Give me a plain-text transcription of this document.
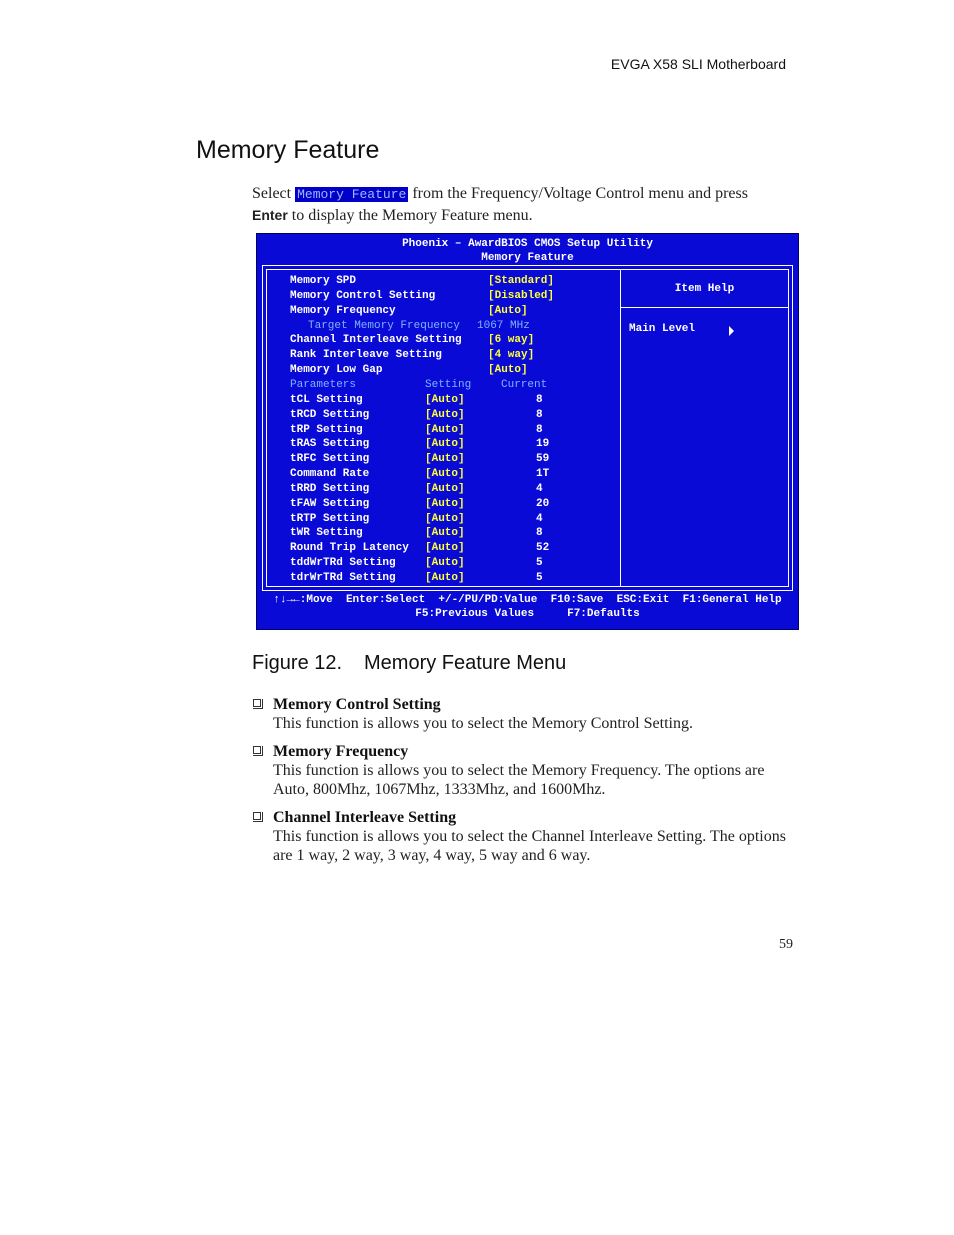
EVGA X58 SLI Motherboard
Memory Feature
Select Memory Feature from the Frequency/Voltage Control menu and press
Enter to display the Memory Feature menu.
Phoenix – AwardBIOS CMOS Setup Utility
Memory Feature
Item Help
Main Level
Memory SPD	[Standard]
Memory Control Setting	[Disabled]
Memory Frequency	[Auto]
Target Memory Frequency 1067 MHz
Channel Interleave Setting [6 way]
Rank Interleave Setting	[4 way]
Memory Low Gap	[Auto]
Parameters	Setting	Current
tCL Setting	[Auto]	8
tRCD Setting	[Auto]	8
tRP Setting	[Auto]	8
tRAS Setting	[Auto]	19
tRFC Setting	[Auto]	59
Command Rate	[Auto]	1T
tRRD Setting	[Auto]	4
tFAW Setting	[Auto]	20
tRTP Setting	[Auto]	4
tWR Setting	[Auto]	8
Round Trip Latency [Auto]	52
tddWrTRd Setting	[Auto]	5
tdrWrTRd Setting	[Auto]	5
↑↓→←:Move  Enter:Select  +/-/PU/PD:Value  F10:Save  ESC:Exit  F1:General Help
F5:Previous Values     F7:Defaults
Figure 12. Memory Feature Menu
Memory Control Setting
This function is allows you to select the Memory Control Setting.
Memory Frequency
This function is allows you to select the Memory Frequency. The options are Auto, 800Mhz, 1067Mhz, 1333Mhz, and 1600Mhz.
Channel Interleave Setting
This function is allows you to select the Channel Interleave Setting. The options are 1 way, 2 way, 3 way, 4 way, 5 way and 6 way.
59
